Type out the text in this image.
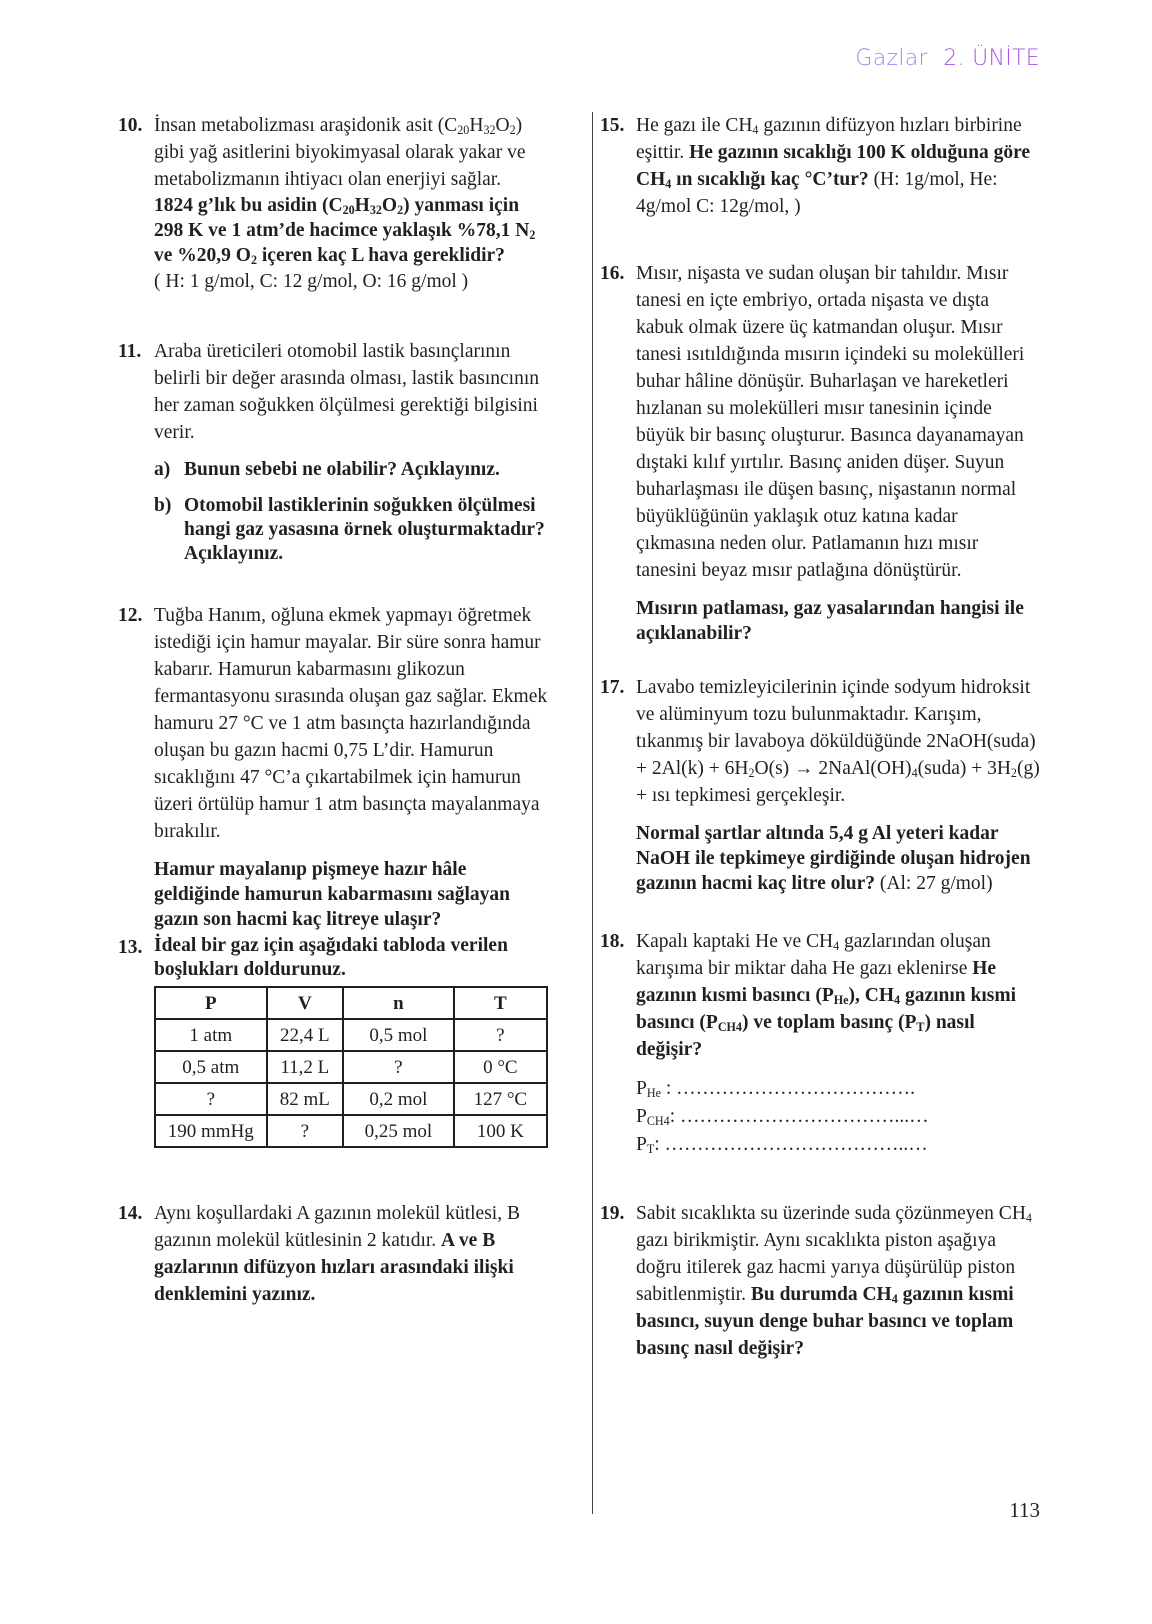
Gazlar 2. ÜNİTE
10. İnsan metabolizması araşidonik asit (C20H32O2) gibi yağ asitlerini biyokimyasal olarak yakar ve metabolizmanın ihtiyacı olan enerjiyi sağlar.

1824 g’lık bu asidin (C20H32O2) yanması için 298 K ve 1 atm’de hacimce yaklaşık %78,1 N2 ve %20,9 O2 içeren kaç L hava gereklidir?

( H: 1 g/mol, C: 12 g/mol, O: 16 g/mol )

11. Araba üreticileri otomobil lastik basınçlarının belirli bir değer arasında olması, lastik basıncının her zaman soğukken ölçülmesi gerektiği bilgisini verir.

a) Bunun sebebi ne olabilir? Açıklayınız.
b) Otomobil lastiklerinin soğukken ölçülmesi hangi gaz yasasına örnek oluşturmaktadır? Açıklayınız.
12. Tuğba Hanım, oğluna ekmek yapmayı öğretmek istediği için hamur mayalar. Bir süre sonra hamur kabarır. Hamurun kabarmasını glikozun fermantasyonu sırasında oluşan gaz sağlar. Ekmek hamuru 27 °C ve 1 atm basınçta hazırlandığında oluşan bu gazın hacmi 0,75 L’dir. Hamurun sıcaklığını 47 °C’a çıkartabilmek için hamurun üzeri örtülüp hamur 1 atm basınçta mayalanmaya bırakılır.

Hamur mayalanıp pişmeye hazır hâle geldiğinde hamurun kabarmasını sağlayan gazın son hacmi kaç litreye ulaşır?

13. İdeal bir gaz için aşağıdaki tabloda verilen boşlukları doldurunuz.

P	V	n	T
1 atm	22,4 L	0,5 mol	?
0,5 atm	11,2 L	?	0 °C
?	82 mL	0,2 mol	127 °C
190 mmHg	?	0,25 mol	100 K
14. Aynı koşullardaki A gazının molekül kütlesi, B gazının molekül kütlesinin 2 katıdır. A ve B gazlarının difüzyon hızları arasındaki ilişki denklemini yazınız.

15. He gazı ile CH4 gazının difüzyon hızları birbirine eşittir. He gazının sıcaklığı 100 K olduğuna göre CH4 ın sıcaklığı kaç °C’tur? (H: 1g/mol, He: 4g/mol C: 12g/mol, )

16. Mısır, nişasta ve sudan oluşan bir tahıldır. Mısır tanesi en içte embriyo, ortada nişasta ve dışta kabuk olmak üzere üç katmandan oluşur. Mısır tanesi ısıtıldığında mısırın içindeki su molekülleri buhar hâline dönüşür. Buharlaşan ve hareketleri hızlanan su molekülleri mısır tanesinin içinde büyük bir basınç oluşturur. Basınca dayanamayan dıştaki kılıf yırtılır. Basınç aniden düşer. Suyun buharlaşması ile düşen basınç, nişastanın normal büyüklüğünün yaklaşık otuz katına kadar çıkmasına neden olur. Patlamanın hızı mısır tanesini beyaz mısır patlağına dönüştürür.

Mısırın patlaması, gaz yasalarından hangisi ile açıklanabilir?

17. Lavabo temizleyicilerinin içinde sodyum hidroksit ve alüminyum tozu bulunmaktadır. Karışım, tıkanmış bir lavaboya döküldüğünde 2NaOH(suda) + 2Al(k) + 6H2O(s) → 2NaAl(OH)4(suda) + 3H2(g) + ısı tepkimesi gerçekleşir.

Normal şartlar altında 5,4 g Al yeteri kadar NaOH ile tepkimeye girdiğinde oluşan hidrojen gazının hacmi kaç litre olur? (Al: 27 g/mol)

18. Kapalı kaptaki He ve CH4 gazlarından oluşan karışıma bir miktar daha He gazı eklenirse He gazının kısmi basıncı (PHe), CH4 gazının kısmi basıncı (PCH4) ve toplam basınç (PT) nasıl değişir?

PHe : ……………………………….
PCH4: ……………………………...…
PT: ………………………………..…
19. Sabit sıcaklıkta su üzerinde suda çözünmeyen CH4 gazı birikmiştir. Aynı sıcaklıkta piston aşağıya doğru itilerek gaz hacmi yarıya düşürülüp piston sabitlenmiştir. Bu durumda CH4 gazının kısmi basıncı, suyun denge buhar basıncı ve toplam basınç nasıl değişir?

113
